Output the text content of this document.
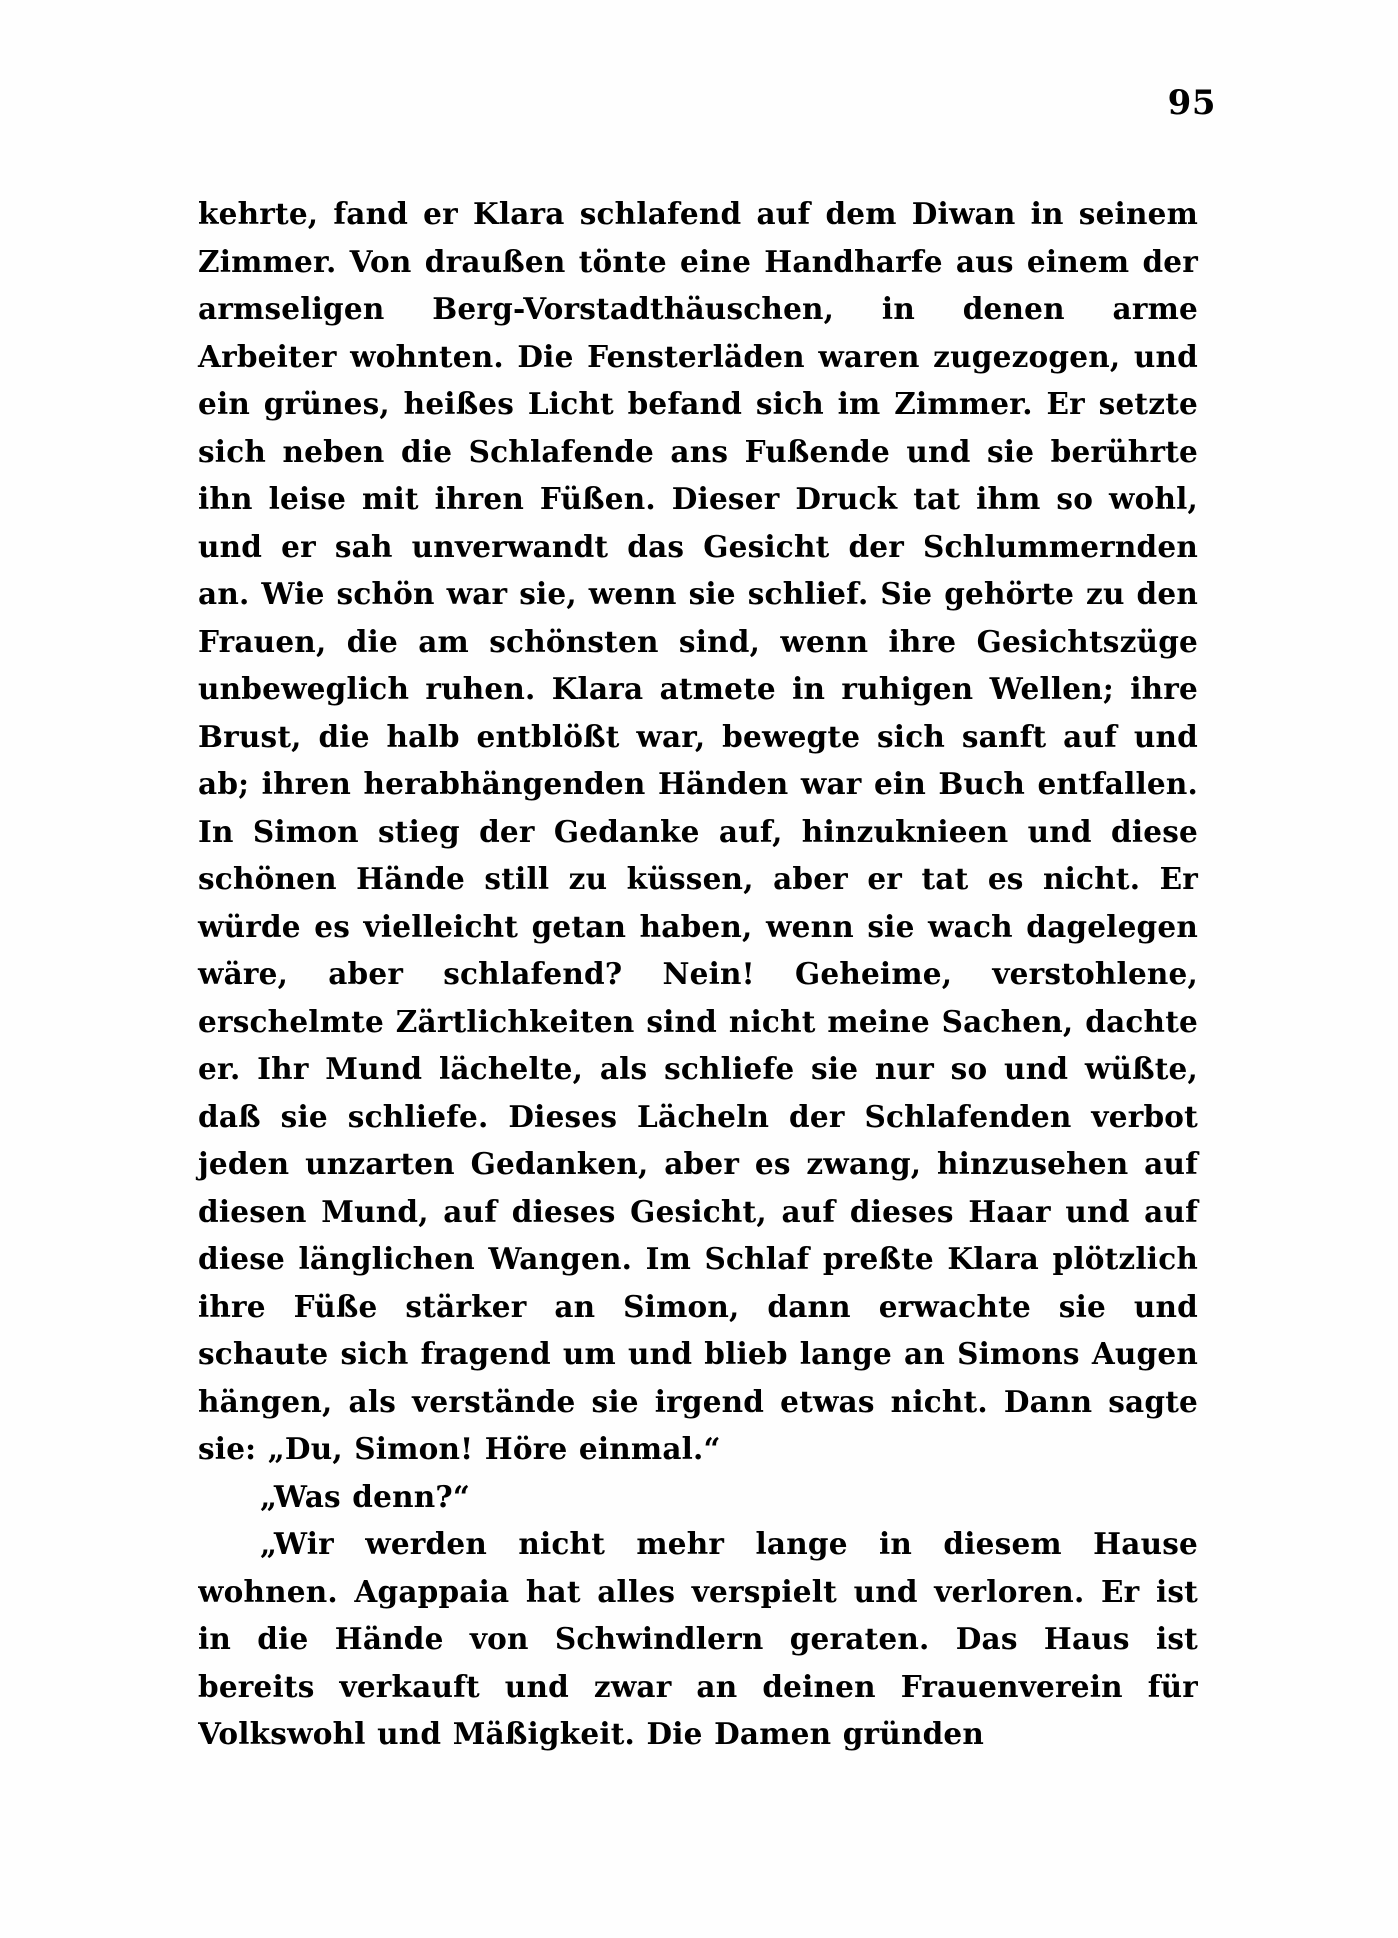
95

kehrte, fand er Klara schlafend auf dem Diwan in seinem Zimmer. Von draußen tönte eine Handharfe aus einem der armseligen Berg-Vorstadthäuschen, in denen arme Arbeiter wohnten. Die Fensterläden waren zugezogen, und ein grünes, heißes Licht befand sich im Zimmer. Er setzte sich neben die Schlafende ans Fußende und sie berührte ihn leise mit ihren Füßen. Dieser Druck tat ihm so wohl, und er sah unverwandt das Gesicht der Schlummernden an. Wie schön war sie, wenn sie schlief. Sie gehörte zu den Frauen, die am schönsten sind, wenn ihre Gesichtszüge unbeweglich ruhen. Klara atmete in ruhigen Wellen; ihre Brust, die halb entblößt war, bewegte sich sanft auf und ab; ihren herabhängenden Händen war ein Buch entfallen. In Simon stieg der Gedanke auf, hinzuknieen und diese schönen Hände still zu küssen, aber er tat es nicht. Er würde es vielleicht getan haben, wenn sie wach dagelegen wäre, aber schlafend? Nein! Geheime, verstohlene, erschelmte Zärtlichkeiten sind nicht meine Sachen, dachte er. Ihr Mund lächelte, als schliefe sie nur so und wüßte, daß sie schliefe. Dieses Lächeln der Schlafenden verbot jeden unzarten Gedanken, aber es zwang, hinzusehen auf diesen Mund, auf dieses Gesicht, auf dieses Haar und auf diese länglichen Wangen. Im Schlaf preßte Klara plötzlich ihre Füße stärker an Simon, dann erwachte sie und schaute sich fragend um und blieb lange an Simons Augen hängen, als verstände sie irgend etwas nicht. Dann sagte sie: „Du, Simon! Höre einmal.“

„Was denn?“

„Wir werden nicht mehr lange in diesem Hause wohnen. Agappaia hat alles verspielt und verloren. Er ist in die Hände von Schwindlern geraten. Das Haus ist bereits verkauft und zwar an deinen Frauenverein für Volkswohl und Mäßigkeit. Die Damen gründen
